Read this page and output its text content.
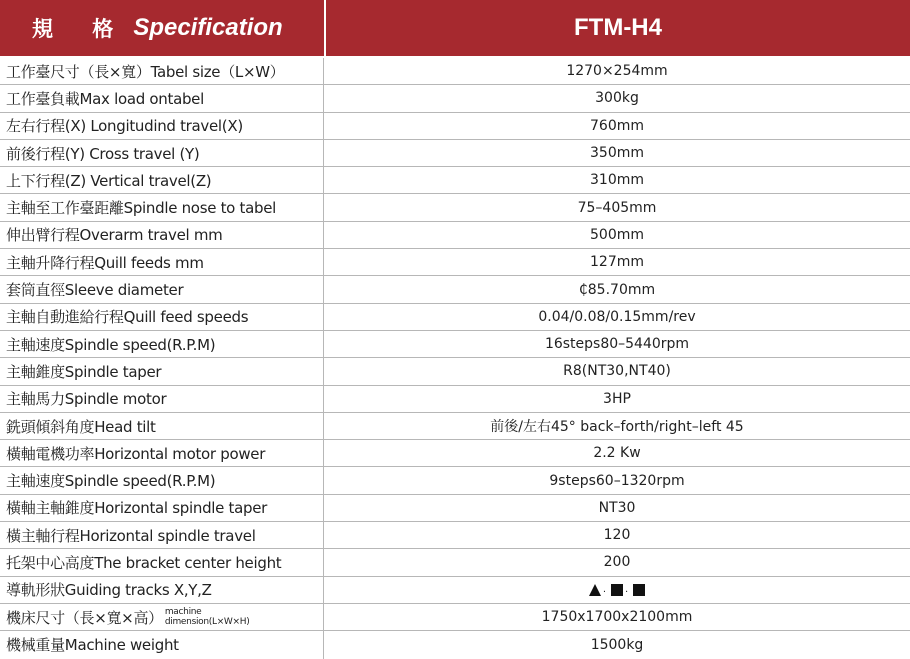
規 格 Specification	FTM-H4
工作臺尺寸（長×寬）Tabel size（L×W）	1270×254mm
工作臺負載Max load ontabel	300kg
左右行程(X) Longitudind travel(X)	760mm
前後行程(Y) Cross travel (Y)	350mm
上下行程(Z) Vertical travel(Z)	310mm
主軸至工作臺距離Spindle nose to tabel	75–405mm
伸出臂行程Overarm travel mm	500mm
主軸升降行程Quill feeds mm	127mm
套筒直徑Sleeve diameter	₵85.70mm
主軸自動進給行程Quill feed speeds	0.04/0.08/0.15mm/rev
主軸速度Spindle speed(R.P.M)	16steps80–5440rpm
主軸錐度Spindle taper	R8(NT30,NT40)
主軸馬力Spindle motor	3HP
銑頭傾斜角度Head tilt	前後/左右45° back–forth/right–left 45
橫軸電機功率Horizontal motor power	2.2 Kw
主軸速度Spindle speed(R.P.M)	9steps60–1320rpm
橫軸主軸錐度Horizontal spindle taper	NT30
橫主軸行程Horizontal spindle travel	120
托架中心高度The bracket center height	200
導軌形狀Guiding tracks X,Y,Z	. .
機床尺寸（長×寬×高） machine
dimension(L×W×H)	1750x1700x2100mm
機械重量Machine weight	1500kg
